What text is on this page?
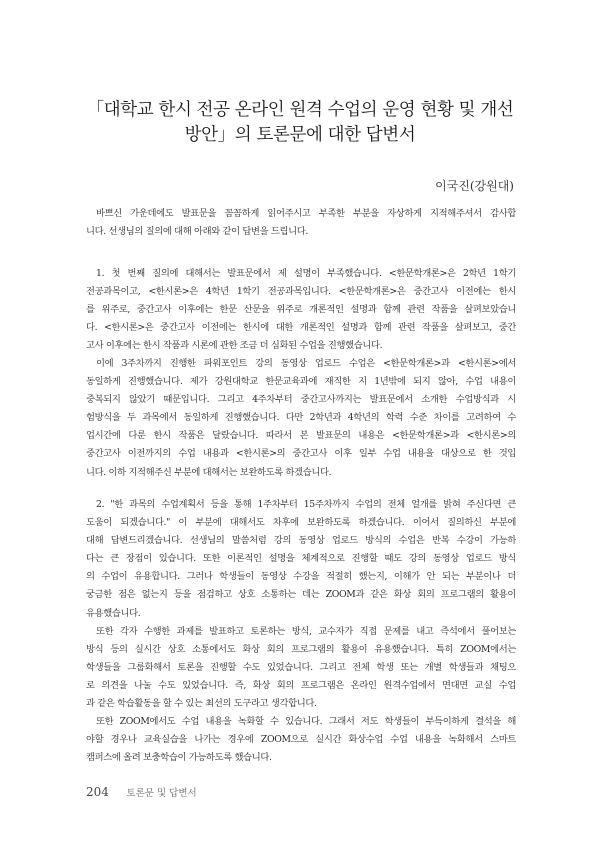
「대학교 한시 전공 온라인 원격 수업의 운영 현황 및 개선
방안」의 토론문에 대한 답변서
이국진(강원대)
바쁘신 가운데에도 발표문을 꼼꼼하게 읽어주시고 부족한 부분을 자상하게 지적해주셔서 감사합
니다. 선생님의 질의에 대해 아래와 같이 답변을 드립니다.
1. 첫 번째 질의에 대해서는 발표문에서 제 설명이 부족했습니다. <한문학개론>은 2학년 1학기
전공과목이고, <한시론>은 4학년 1학기 전공과목입니다. <한문학개론>은 중간고사 이전에는 한시
를 위주로, 중간고사 이후에는 한문 산문을 위주로 개론적인 설명과 함께 관련 작품을 살펴보았습니
다. <한시론>은 중간고사 이전에는 한시에 대한 개론적인 설명과 함께 관련 작품을 살펴보고, 중간
고사 이후에는 한시 작품과 시론에 관한 조금 더 심화된 수업을 진행했습니다.
이에 3주차까지 진행한 파워포인트 강의 동영상 업로드 수업은 <한문학개론>과 <한시론>에서
동일하게 진행했습니다. 제가 강원대학교 한문교육과에 재직한 지 1년밖에 되지 않아, 수업 내용이
중복되지 않았기 때문입니다. 그리고 4주차부터 중간고사까지는 발표문에서 소개한 수업방식과 시
험방식을 두 과목에서 동일하게 진행했습니다. 다만 2학년과 4학년의 학력 수준 차이를 고려하여 수
업시간에 다룬 한시 작품은 달랐습니다. 따라서 본 발표문의 내용은 <한문학개론>과 <한시론>의
중간고사 이전까지의 수업 내용과 <한시론>의 중간고사 이후 일부 수업 내용을 대상으로 한 것입
니다. 이하 지적해주신 부분에 대해서는 보완하도록 하겠습니다.
2. "한 과목의 수업계획서 등을 통해 1주차부터 15주차까지 수업의 전체 얼개를 밝혀 주신다면 큰
도움이 되겠습니다." 이 부분에 대해서도 차후에 보완하도록 하겠습니다. 이어서 질의하신 부분에
대해 답변드리겠습니다. 선생님의 말씀처럼 강의 동영상 업로드 방식의 수업은 반복 수강이 가능하
다는 큰 장점이 있습니다. 또한 이론적인 설명을 체계적으로 진행할 때도 강의 동영상 업로드 방식
의 수업이 유용합니다. 그러나 학생들이 동영상 수강을 적절히 했는지, 이해가 안 되는 부분이나 더
궁금한 점은 없는지 등을 점검하고 상호 소통하는 데는 ZOOM과 같은 화상 회의 프로그램의 활용이
유용했습니다.
또한 각자 수행한 과제를 발표하고 토론하는 방식, 교수자가 직접 문제를 내고 즉석에서 풀어보는
방식 등의 실시간 상호 소통에서도 화상 회의 프로그램의 활용이 유용했습니다. 특히 ZOOM에서는
학생들을 그룹화해서 토론을 진행할 수도 있었습니다. 그리고 전체 학생 또는 개별 학생들과 채팅으
로 의견을 나눌 수도 있었습니다. 즉, 화상 회의 프로그램은 온라인 원격수업에서 면대면 교실 수업
과 같은 학습활동을 할 수 있는 최선의 도구라고 생각합니다.
또한 ZOOM에서도 수업 내용을 녹화할 수 있습니다. 그래서 저도 학생들이 부득이하게 결석을 해
야할 경우나 교육실습을 나가는 경우에 ZOOM으로 실시간 화상수업 수업 내용을 녹화해서 스마트
캠퍼스에 올려 보충학습이 가능하도록 했습니다.
204 토론문 및 답변서
